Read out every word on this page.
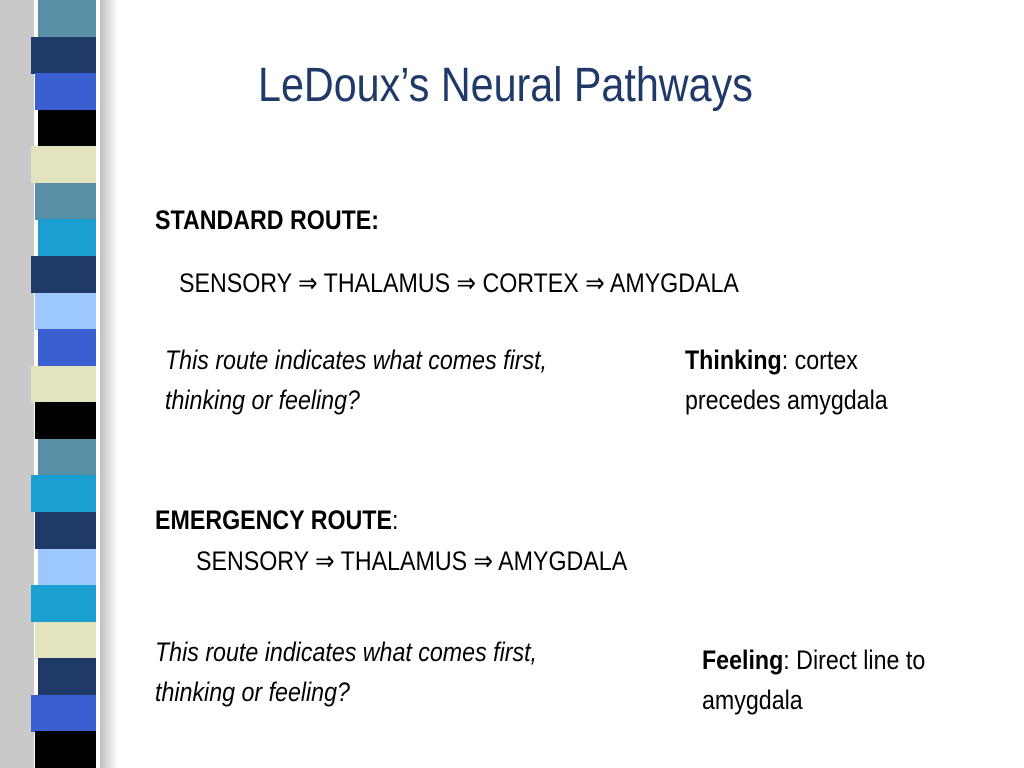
LeDoux’s Neural Pathways
STANDARD ROUTE:
SENSORY ⇒ THALAMUS ⇒ CORTEX ⇒ AMYGDALA
This route indicates what comes first,
thinking or feeling?
Thinking: cortex
precedes amygdala
EMERGENCY ROUTE:
SENSORY ⇒ THALAMUS ⇒ AMYGDALA
This route indicates what comes first,
thinking or feeling?
Feeling: Direct line to
amygdala
